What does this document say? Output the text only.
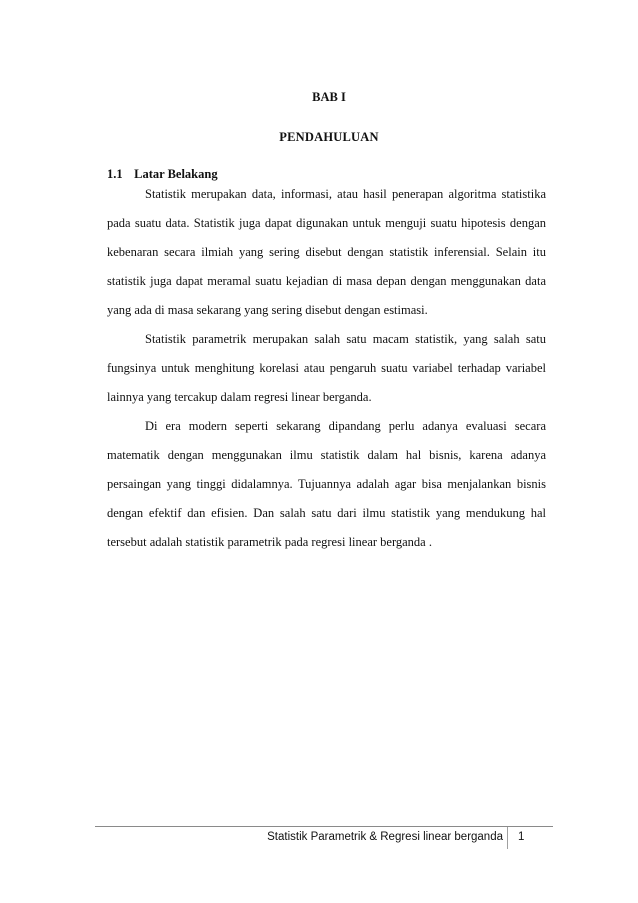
BAB I

PENDAHULUAN

1.1 Latar Belakang

Statistik merupakan data, informasi, atau hasil penerapan algoritma statistika pada suatu data. Statistik juga dapat digunakan untuk menguji suatu hipotesis dengan kebenaran secara ilmiah yang sering disebut dengan statistik inferensial. Selain itu statistik juga dapat meramal suatu kejadian di masa depan dengan menggunakan data yang ada di masa sekarang yang sering disebut dengan estimasi.

Statistik parametrik merupakan salah satu macam statistik, yang salah satu fungsinya untuk menghitung korelasi atau pengaruh suatu variabel terhadap variabel lainnya yang tercakup dalam regresi linear berganda.

Di era modern seperti sekarang dipandang perlu adanya evaluasi secara matematik dengan menggunakan ilmu statistik dalam hal bisnis, karena adanya persaingan yang tinggi didalamnya. Tujuannya adalah agar bisa menjalankan bisnis dengan efektif dan efisien. Dan salah satu dari ilmu statistik yang mendukung hal tersebut adalah statistik parametrik pada regresi linear berganda .

Statistik Parametrik & Regresi linear berganda 1
